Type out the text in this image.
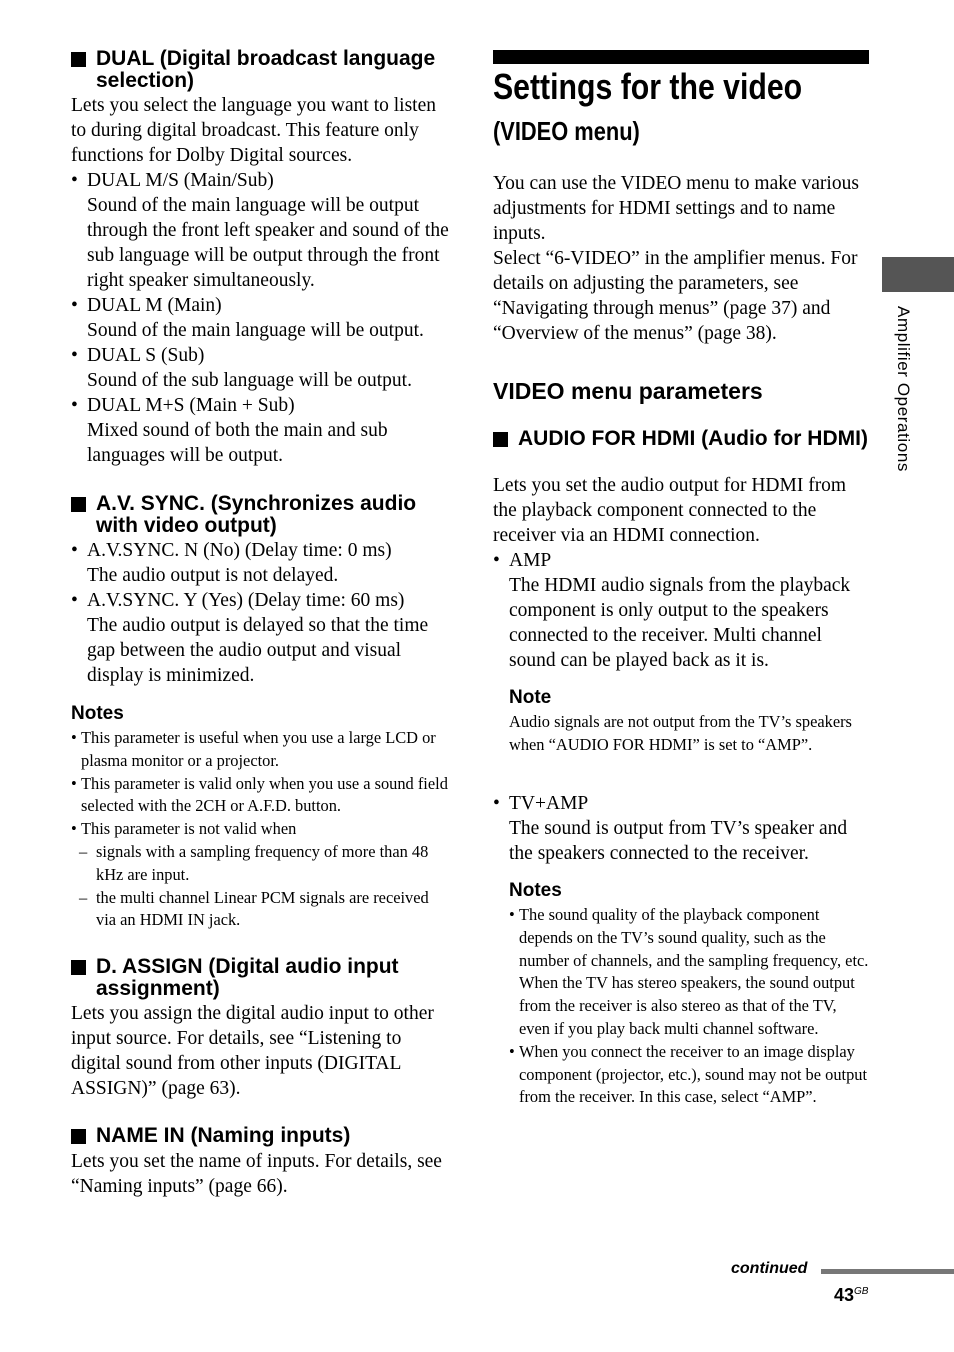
DUAL (Digital broadcast language selection)

Lets you select the language you want to listen to during digital broadcast. This feature only functions for Dolby Digital sources.

• DUAL M/S (Main/Sub)
Sound of the main language will be output through the front left speaker and sound of the sub language will be output through the front right speaker simultaneously.
• DUAL M (Main)
Sound of the main language will be output.
• DUAL S (Sub)
Sound of the sub language will be output.
• DUAL M+S (Main + Sub)
Mixed sound of both the main and sub languages will be output.
A.V. SYNC. (Synchronizes audio with video output)
• A.V.SYNC. N (No) (Delay time: 0 ms)
The audio output is not delayed.
• A.V.SYNC. Y (Yes) (Delay time: 60 ms)
The audio output is delayed so that the time gap between the audio output and visual display is minimized.
Notes
• This parameter is useful when you use a large LCD or plasma monitor or a projector.
• This parameter is valid only when you use a sound field selected with the 2CH or A.F.D. button.
• This parameter is not valid when
– signals with a sampling frequency of more than 48 kHz are input.
– the multi channel Linear PCM signals are received via an HDMI IN jack.
D. ASSIGN (Digital audio input assignment)

Lets you assign the digital audio input to other input source. For details, see “Listening to digital sound from other inputs (DIGITAL ASSIGN)” (page 63).

NAME IN (Naming inputs)

Lets you set the name of inputs. For details, see “Naming inputs” (page 66).

Settings for the video
(VIDEO menu)

You can use the VIDEO menu to make various adjustments for HDMI settings and to name inputs.

Select “6-VIDEO” in the amplifier menus. For details on adjusting the parameters, see “Navigating through menus” (page 37) and “Overview of the menus” (page 38).

VIDEO menu parameters
AUDIO FOR HDMI (Audio for HDMI)

Lets you set the audio output for HDMI from the playback component connected to the receiver via an HDMI connection.

• AMP
The HDMI audio signals from the playback component is only output to the speakers connected to the receiver. Multi channel sound can be played back as it is.
Note
Audio signals are not output from the TV’s speakers when “AUDIO FOR HDMI” is set to “AMP”.
• TV+AMP
The sound is output from TV’s speaker and the speakers connected to the receiver.
Notes
• The sound quality of the playback component depends on the TV’s sound quality, such as the number of channels, and the sampling frequency, etc. When the TV has stereo speakers, the sound output from the receiver is also stereo as that of the TV, even if you play back multi channel software.
• When you connect the receiver to an image display component (projector, etc.), sound may not be output from the receiver. In this case, select “AMP”.
Amplifier Operations
continued
$43^{GB}$
